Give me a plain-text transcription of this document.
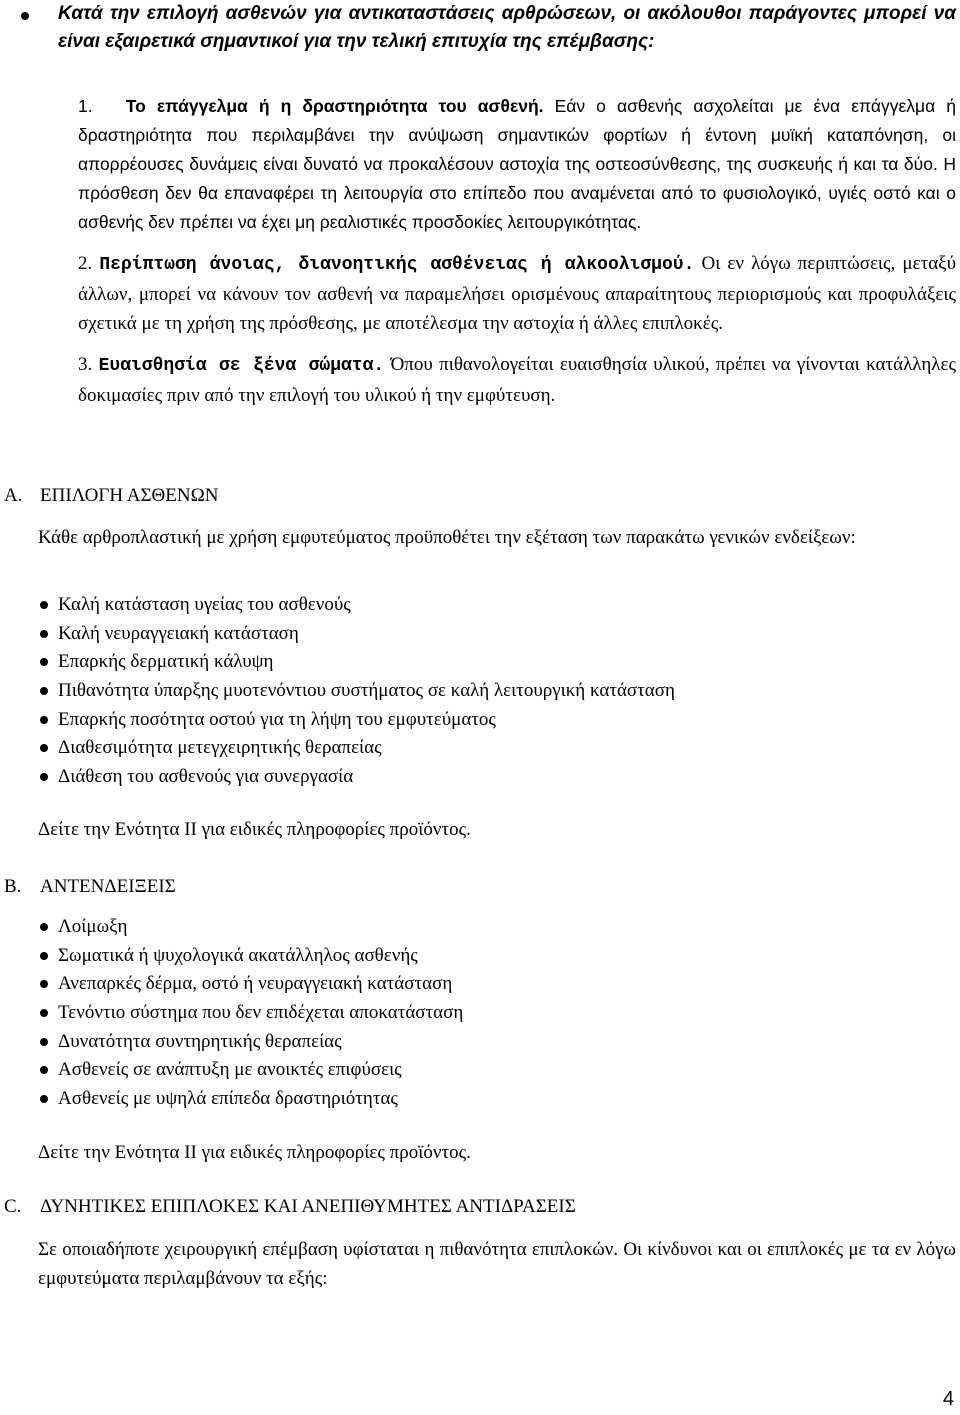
Κατά την επιλογή ασθενών για αντικαταστάσεις αρθρώσεων, οι ακόλουθοι παράγοντες μπορεί να είναι εξαιρετικά σημαντικοί για την τελική επιτυχία της επέμβασης:

1. Το επάγγελμα ή η δραστηριότητα του ασθενή. Εάν ο ασθενής ασχολείται με ένα επάγγελμα ή δραστηριότητα που περιλαμβάνει την ανύψωση σημαντικών φορτίων ή έντονη μυϊκή καταπόνηση, οι απορρέουσες δυνάμεις είναι δυνατό να προκαλέσουν αστοχία της οστεοσύνθεσης, της συσκευής ή και τα δύο. Η πρόσθεση δεν θα επαναφέρει τη λειτουργία στο επίπεδο που αναμένεται από το φυσιολογικό, υγιές οστό και ο ασθενής δεν πρέπει να έχει μη ρεαλιστικές προσδοκίες λειτουργικότητας.

2. Περίπτωση άνοιας, διανοητικής ασθένειας ή αλκοολισμού. Οι εν λόγω περιπτώσεις, μεταξύ άλλων, μπορεί να κάνουν τον ασθενή να παραμελήσει ορισμένους απαραίτητους περιορισμούς και προφυλάξεις σχετικά με τη χρήση της πρόσθεσης, με αποτέλεσμα την αστοχία ή άλλες επιπλοκές.

3. Ευαισθησία σε ξένα σώματα. Όπου πιθανολογείται ευαισθησία υλικού, πρέπει να γίνονται κατάλληλες δοκιμασίες πριν από την επιλογή του υλικού ή την εμφύτευση.

A. ΕΠΙΛΟΓΗ ΑΣΘΕΝΩΝ

Κάθε αρθροπλαστική με χρήση εμφυτεύματος προϋποθέτει την εξέταση των παρακάτω γενικών ενδείξεων:

Καλή κατάσταση υγείας του ασθενούς
Καλή νευραγγειακή κατάσταση
Επαρκής δερματική κάλυψη
Πιθανότητα ύπαρξης μυοτενόντιου συστήματος σε καλή λειτουργική κατάσταση
Επαρκής ποσότητα οστού για τη λήψη του εμφυτεύματος
Διαθεσιμότητα μετεγχειρητικής θεραπείας
Διάθεση του ασθενούς για συνεργασία

Δείτε την Ενότητα ΙΙ για ειδικές πληροφορίες προϊόντος.

B. ΑΝΤΕΝΔΕΙΞΕΙΣ
Λοίμωξη
Σωματικά ή ψυχολογικά ακατάλληλος ασθενής
Ανεπαρκές δέρμα, οστό ή νευραγγειακή κατάσταση
Τενόντιο σύστημα που δεν επιδέχεται αποκατάσταση
Δυνατότητα συντηρητικής θεραπείας
Ασθενείς σε ανάπτυξη με ανοικτές επιφύσεις
Ασθενείς με υψηλά επίπεδα δραστηριότητας

Δείτε την Ενότητα ΙΙ για ειδικές πληροφορίες προϊόντος.

C. ΔΥΝΗΤΙΚΕΣ ΕΠΙΠΛΟΚΕΣ ΚΑΙ ΑΝΕΠΙΘΥΜΗΤΕΣ ΑΝΤΙΔΡΑΣΕΙΣ

Σε οποιαδήποτε χειρουργική επέμβαση υφίσταται η πιθανότητα επιπλοκών. Οι κίνδυνοι και οι επιπλοκές με τα εν λόγω εμφυτεύματα περιλαμβάνουν τα εξής:

4
